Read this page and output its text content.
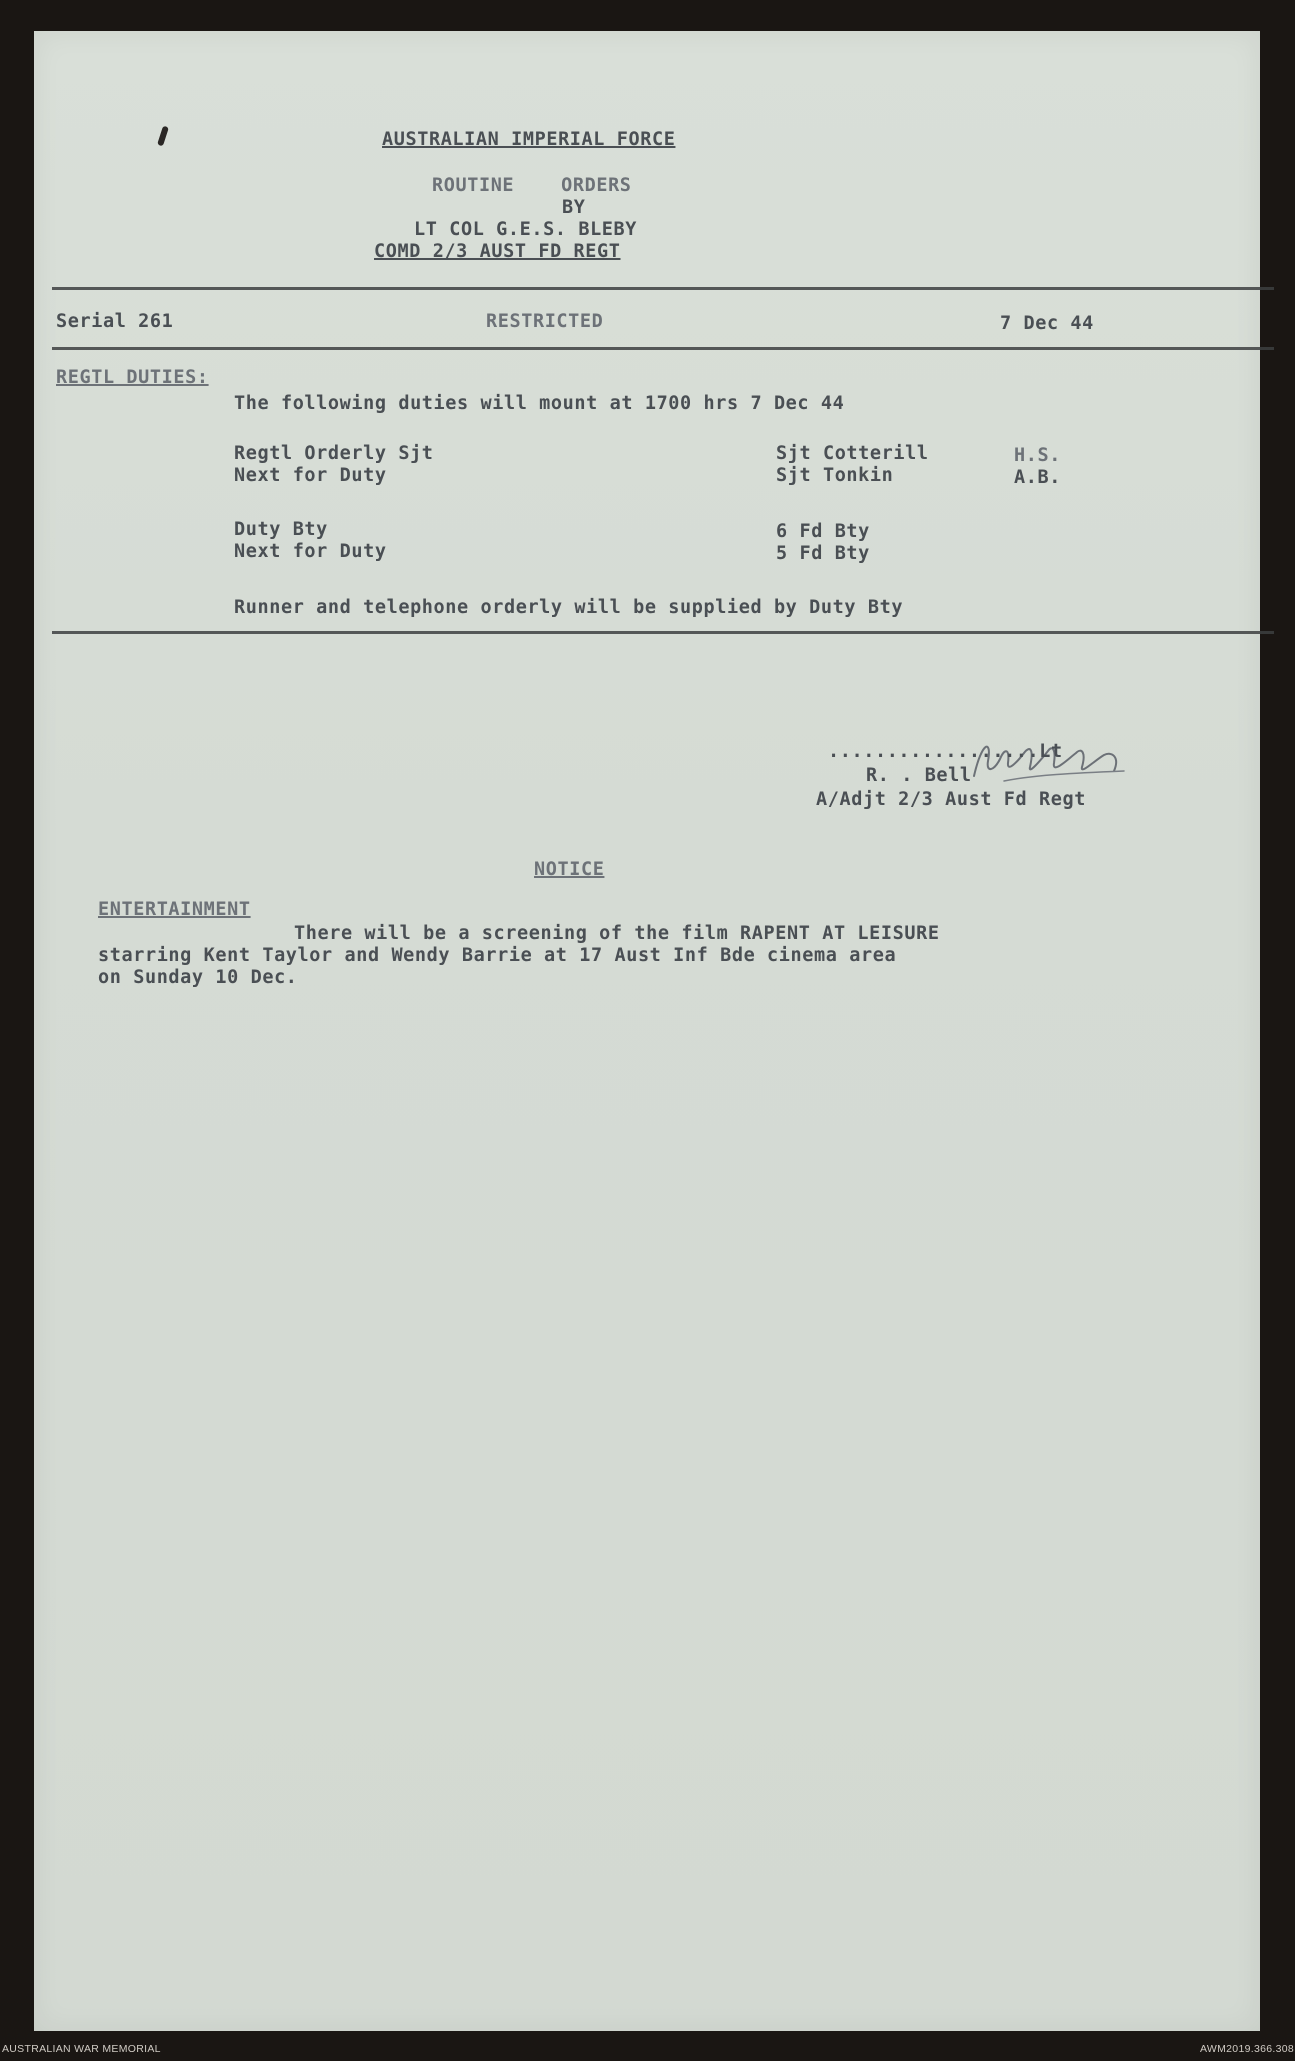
AUSTRALIAN IMPERIAL FORCE
ROUTINE    ORDERS
BY
LT COL G.E.S. BLEBY
COMD 2/3 AUST FD REGT
Serial 261	RESTRICTED	7 Dec 44
REGTL DUTIES:
The following duties will mount at 1700 hrs 7 Dec 44
Regtl Orderly Sjt	Sjt Cotterill	H.S.
Next for Duty	Sjt Tonkin	A.B.
Duty Bty	6 Fd Bty
Next for Duty	5 Fd Bty
Runner and telephone orderly will be supplied by Duty Bty
..................Lt
R. . Bell
A/Adjt 2/3 Aust Fd Regt
NOTICE
ENTERTAINMENT
There will be a screening of the film RAPENT AT LEISURE
starring Kent Taylor and Wendy Barrie at 17 Aust Inf Bde cinema area
on Sunday 10 Dec.
AUSTRALIAN WAR MEMORIAL	AWM2019.366.308
